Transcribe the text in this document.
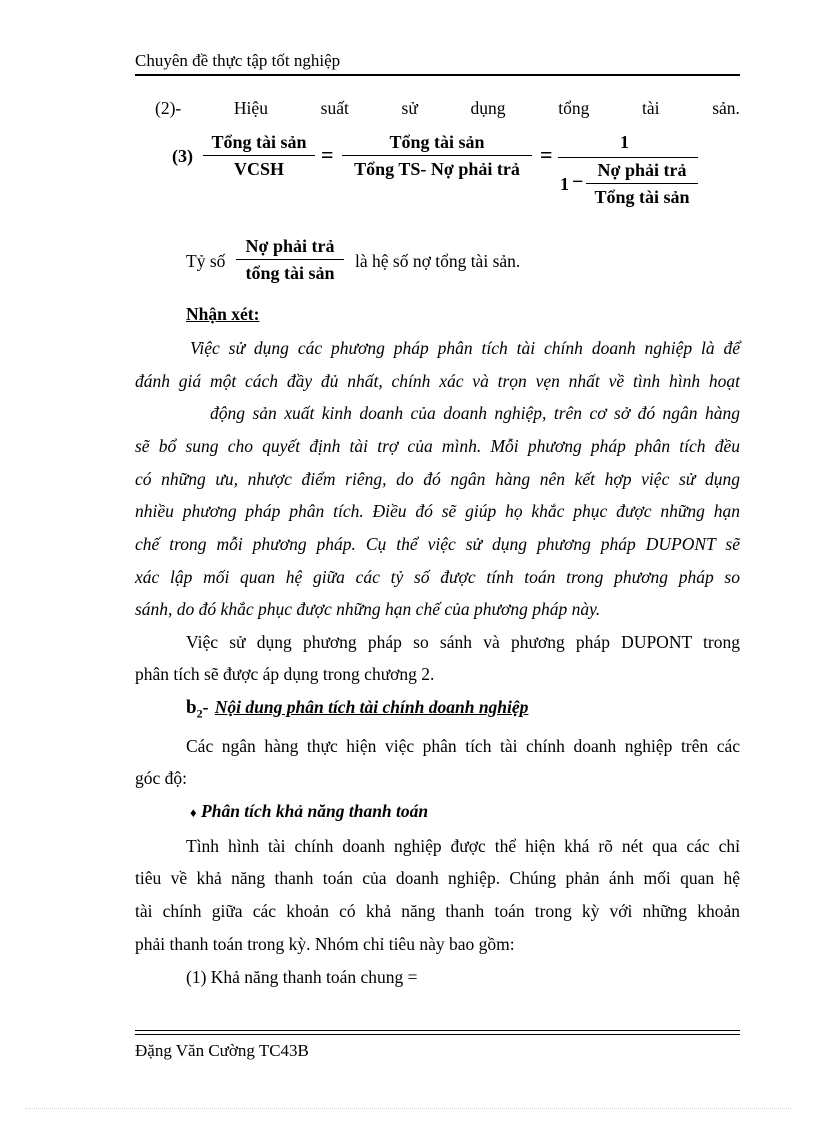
Chuyên đề thực tập tốt nghiệp
(2)-	Hiệu	suất	sử	dụng	tổng	tài	sản.
(3)
Tổng tài sản
VCSH
=	Tổng tài sản
Tổng TS- Nợ phải trả
=	1
1 −
Nợ phải trả
Tổng tài sản
Tỷ số
Nợ phải trả
tổng tài sản
là hệ số nợ tổng tài sản.
Nhận xét:
Việc sử dụng các phương pháp phân tích tài chính doanh nghiệp là để
đánh giá một cách đầy đủ nhất, chính xác và trọn vẹn nhất về tình hình hoạt
động sản xuất kinh doanh của doanh nghiệp, trên cơ sở đó ngân hàng
sẽ bổ sung cho quyết định tài trợ của mình. Mỗi phương pháp phân tích đều
có những ưu, nhược điểm riêng, do đó ngân hàng nên kết hợp việc sử dụng
nhiều phương pháp phân tích. Điều đó sẽ giúp họ khắc phục được những hạn
chế trong mỗi phương pháp. Cụ thể việc sử dụng phương pháp DUPONT sẽ
xác lập mối quan hệ giữa các tỷ số được tính toán trong phương pháp so
sánh, do đó khắc phục được những hạn chế của phương pháp này.
Việc sử dụng phương pháp so sánh và phương pháp DUPONT trong
phân tích sẽ được áp dụng trong chương 2.
$b_2-$ Nội dung phân tích tài chính doanh nghiệp
Các ngân hàng thực hiện việc phân tích tài chính doanh nghiệp trên các
góc độ:
♦ Phân tích khả năng thanh toán
Tình hình tài chính doanh nghiệp được thể hiện khá rõ nét qua các chỉ
tiêu về khả năng thanh toán của doanh nghiệp. Chúng phản ánh mối quan hệ
tài chính giữa các khoản có khả năng thanh toán trong kỳ với những khoản
phải thanh toán trong kỳ. Nhóm chỉ tiêu này bao gồm:
(1) Khả năng thanh toán chung =
Đặng Văn Cường TC43B
